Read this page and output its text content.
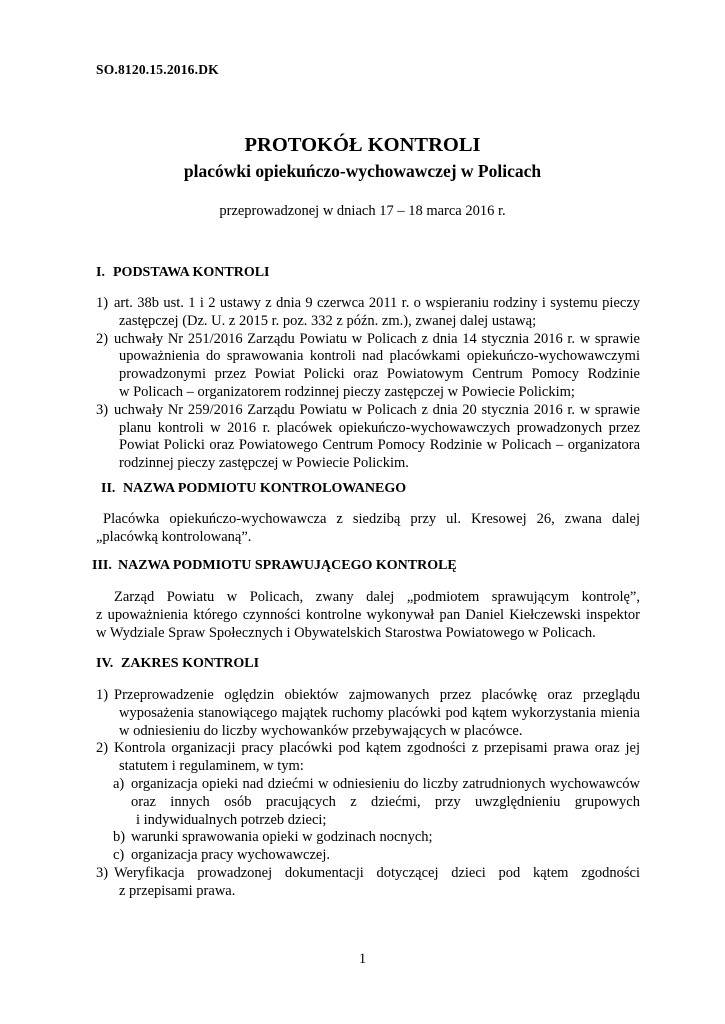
SO.8120.15.2016.DK
PROTOKÓŁ KONTROLI
placówki opiekuńczo-wychowawczej w Policach
przeprowadzonej w dniach 17 – 18 marca 2016 r.
I. PODSTAWA KONTROLI
1) art. 38b ust. 1 i 2 ustawy z dnia 9 czerwca 2011 r. o wspieraniu rodziny i systemu pieczy
zastępczej (Dz. U. z 2015 r. poz. 332 z późn. zm.), zwanej dalej ustawą;
2) uchwały Nr 251/2016 Zarządu Powiatu w Policach z dnia 14 stycznia 2016 r. w sprawie
upoważnienia do sprawowania kontroli nad placówkami opiekuńczo-wychowawczymi
prowadzonymi przez Powiat Policki oraz Powiatowym Centrum Pomocy Rodzinie
w Policach – organizatorem rodzinnej pieczy zastępczej w Powiecie Polickim;
3) uchwały Nr 259/2016 Zarządu Powiatu w Policach z dnia 20 stycznia 2016 r. w sprawie
planu kontroli w 2016 r. placówek opiekuńczo-wychowawczych prowadzonych przez
Powiat Policki oraz Powiatowego Centrum Pomocy Rodzinie w Policach – organizatora
rodzinnej pieczy zastępczej w Powiecie Polickim.
II. NAZWA PODMIOTU KONTROLOWANEGO
Placówka opiekuńczo-wychowawcza z siedzibą przy ul. Kresowej 26, zwana dalej
„placówką kontrolowaną”.
III. NAZWA PODMIOTU SPRAWUJĄCEGO KONTROLĘ
Zarząd Powiatu w Policach, zwany dalej „podmiotem sprawującym kontrolę”,
z upoważnienia którego czynności kontrolne wykonywał pan Daniel Kiełczewski inspektor
w Wydziale Spraw Społecznych i Obywatelskich Starostwa Powiatowego w Policach.
IV. ZAKRES KONTROLI
1) Przeprowadzenie oględzin obiektów zajmowanych przez placówkę oraz przeglądu
wyposażenia stanowiącego majątek ruchomy placówki pod kątem wykorzystania mienia
w odniesieniu do liczby wychowanków przebywających w placówce.
2) Kontrola organizacji pracy placówki pod kątem zgodności z przepisami prawa oraz jej
statutem i regulaminem, w tym:
a) organizacja opieki nad dziećmi w odniesieniu do liczby zatrudnionych wychowawców
oraz innych osób pracujących z dziećmi, przy uwzględnieniu grupowych
i indywidualnych potrzeb dzieci;
b) warunki sprawowania opieki w godzinach nocnych;
c) organizacja pracy wychowawczej.
3) Weryfikacja prowadzonej dokumentacji dotyczącej dzieci pod kątem zgodności
z przepisami prawa.
1
